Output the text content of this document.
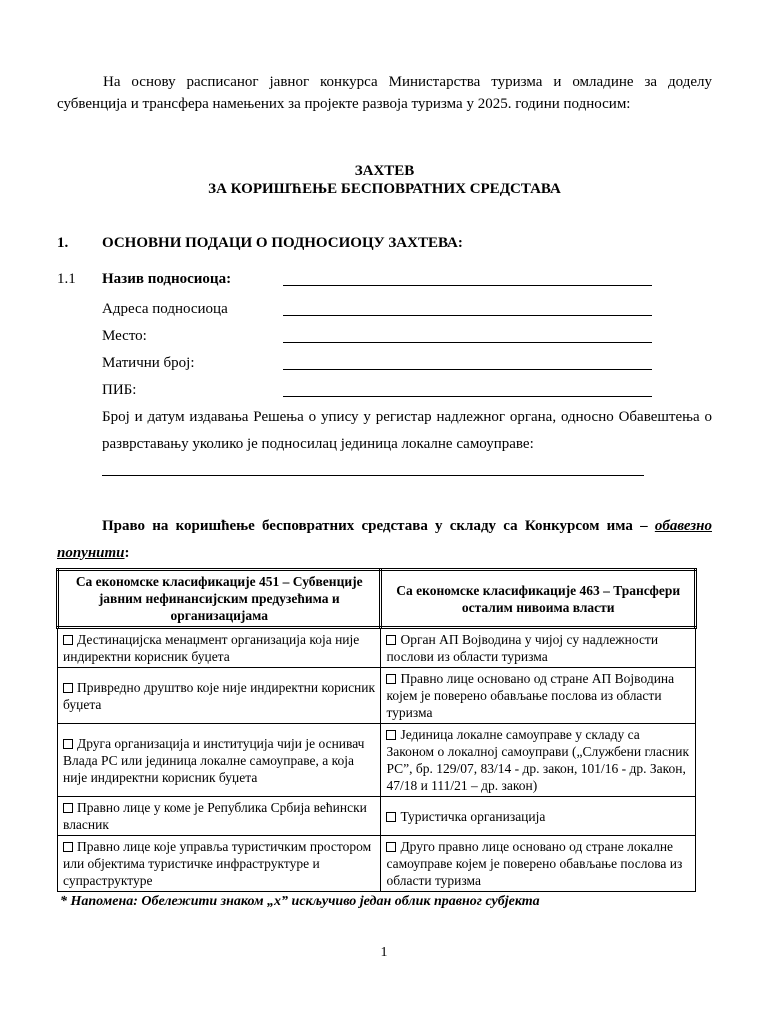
На основу расписаног јавног конкурса Министарства туризма и омладине за доделу субвенција и трансфера намењених за пројекте развоја туризма у 2025. години подносим:
ЗАХТЕВ
ЗА КОРИШЋЕЊЕ БЕСПОВРАТНИХ СРЕДСТАВА
1. ОСНОВНИ ПОДАЦИ О ПОДНОСИОЦУ ЗАХТЕВА:
1.1 Назив подносиоца:
Адреса подносиоца
Место:
Матични број:
ПИБ:
Број и датум издавања Решења о упису у регистар надлежног органа, односно Обавештења о разврставању уколико је подносилац јединица локалне самоуправе:
Право на коришћење бесповратних средстава у складу са Конкурсом има – обавезно попунити:
Са економске класификације 451 – Субвенције јавним нефинансијским предузећима и организацијама	Са економске класификације 463 – Трансфери осталим нивоима власти
Дестинацијска менаџмент организација која није индиректни корисник буџета	Орган АП Војводина у чијој су надлежности послови из области туризма
Привредно друштво које није индиректни корисник буџета	Правно лице основано од стране АП Војводина којем је поверено обављање послова из области туризма
Друга организација и институција чији је оснивач Влада РС или јединица локалне самоуправе, а која није индиректни корисник буџета	Јединица локалне самоуправе у складу са Законом о локалној самоуправи („Службени гласник РС”, бр. 129/07, 83/14 - др. закон, 101/16 - др. Закон, 47/18 и 111/21 – др. закон)
Правно лице у коме је Република Србија већински власник	Туристичка организација
Правно лице које управља туристичким простором или објектима туристичке инфраструктуре и супраструктуре	Друго правно лице основано од стране локалне самоуправе којем је поверено обављање послова из области туризма
* Напомена: Обележити знаком „x” искључиво један облик правног субјекта
1
